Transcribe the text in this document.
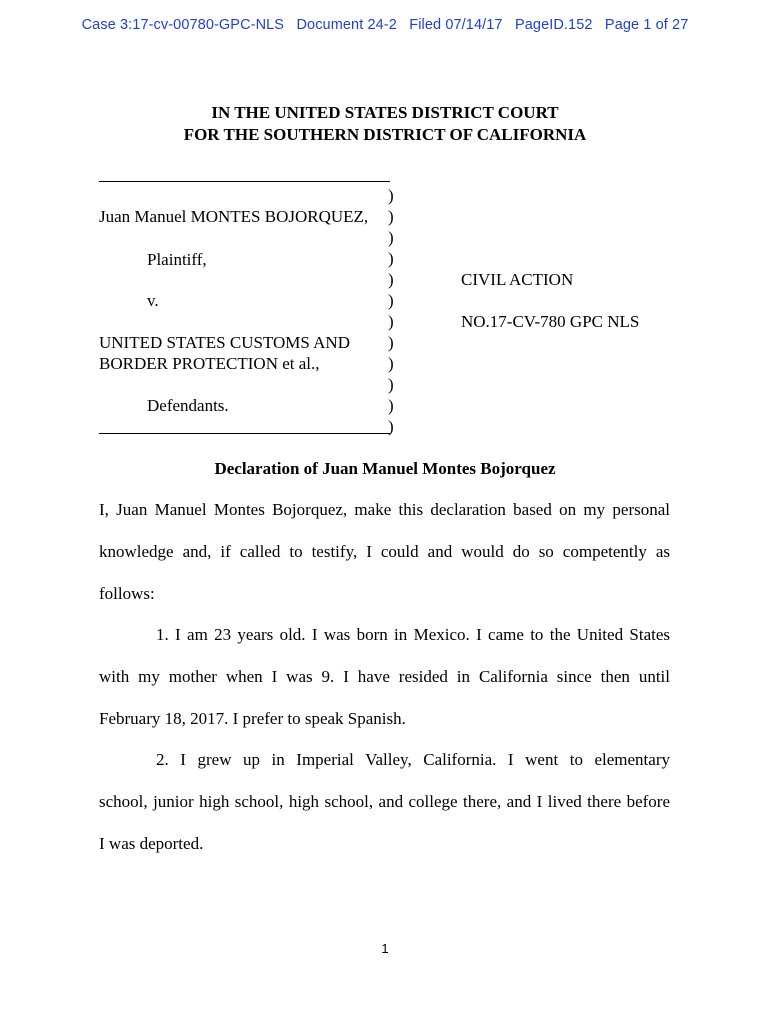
Case 3:17-cv-00780-GPC-NLS   Document 24-2   Filed 07/14/17   PageID.152   Page 1 of 27
IN THE UNITED STATES DISTRICT COURT
FOR THE SOUTHERN DISTRICT OF CALIFORNIA
Juan Manuel MONTES BOJORQUEZ,
Plaintiff,
v.
UNITED STATES CUSTOMS AND
BORDER PROTECTION et al.,
Defendants.
CIVIL ACTION
NO.17-CV-780 GPC NLS
)
)
)
)
)
)
)
)
)
)
)
)
Declaration of Juan Manuel Montes Bojorquez
I, Juan Manuel Montes Bojorquez, make this declaration based on my personal
knowledge and, if called to testify, I could and would do so competently as
follows:
1. I am 23 years old. I was born in Mexico. I came to the United States
with my mother when I was 9. I have resided in California since then until
February 18, 2017. I prefer to speak Spanish.
2. I grew up in Imperial Valley, California. I went to elementary
school, junior high school, high school, and college there, and I lived there before
I was deported.
1
